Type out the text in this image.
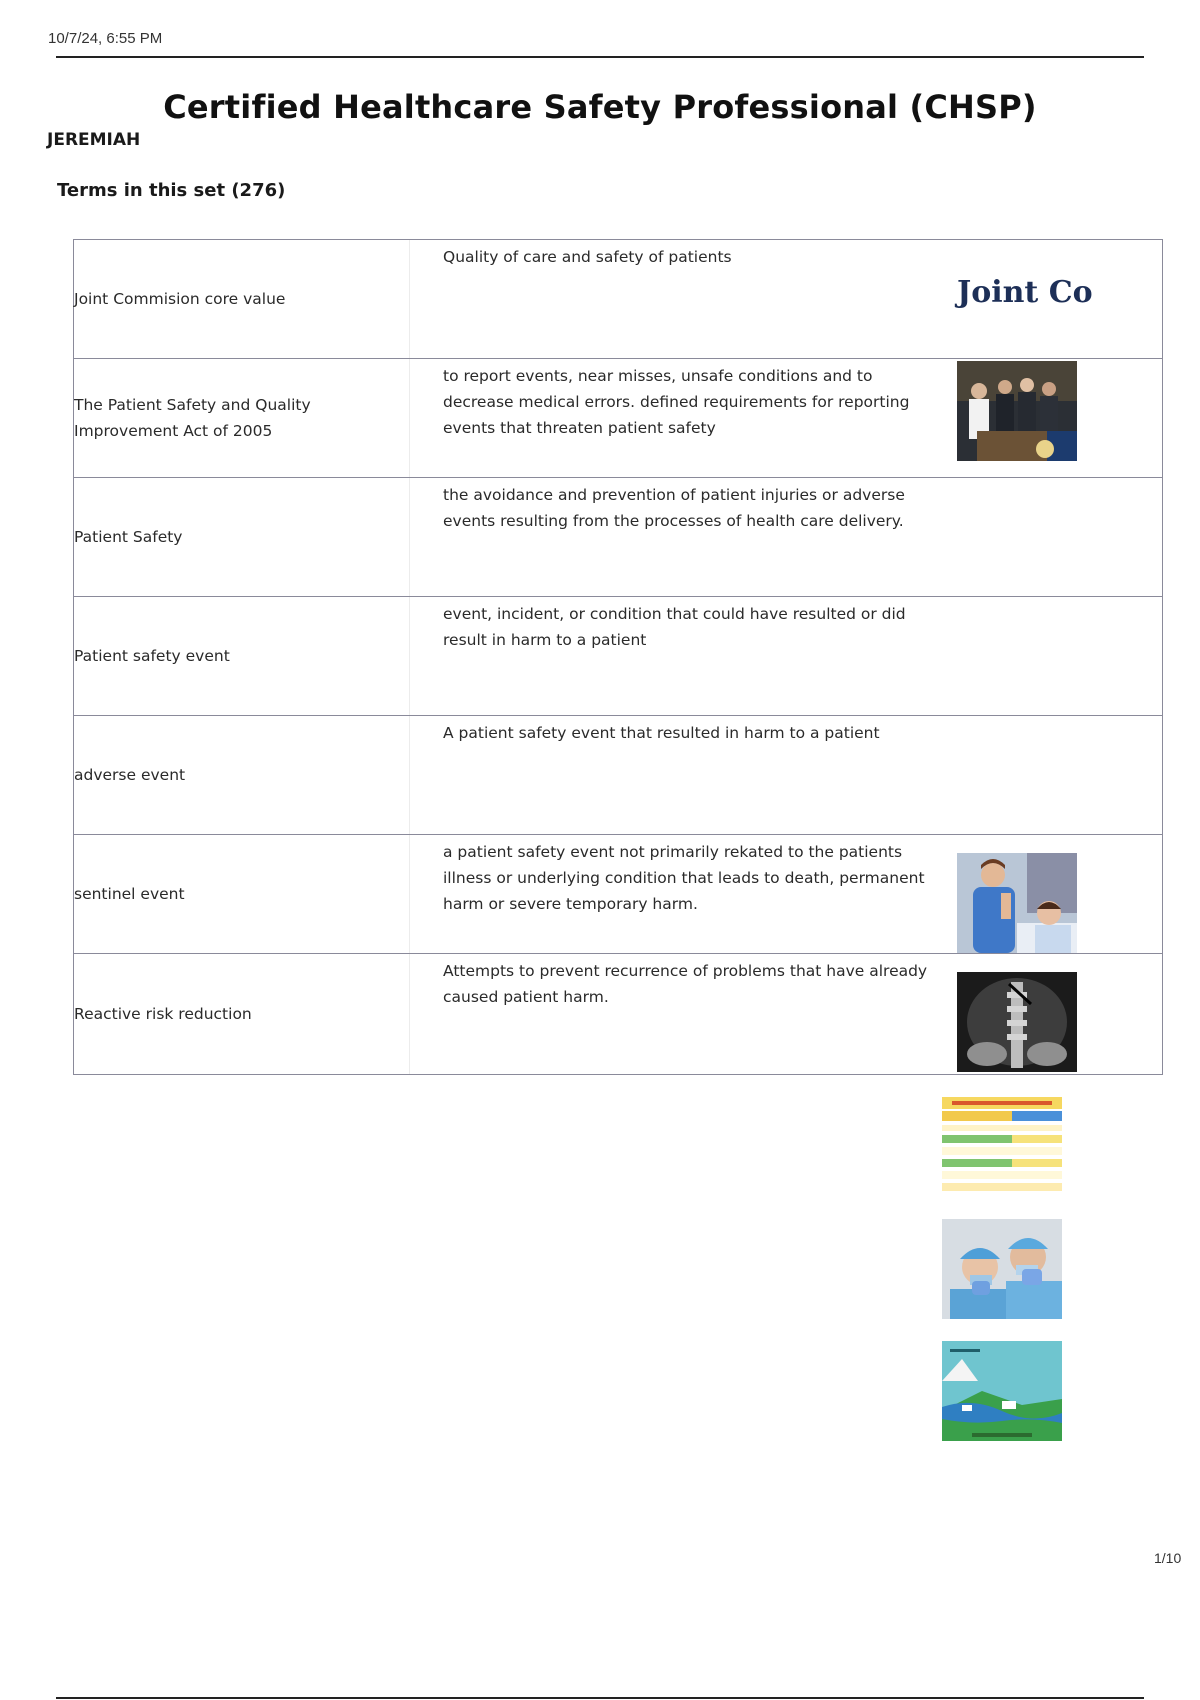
10/7/24, 6:55 PM
Certified Healthcare Safety Professional (CHSP)
JEREMIAH
Terms in this set (276)
Joint Commision core value
Quality of care and safety of patients
Joint Co
The Patient Safety and Quality Improvement Act of 2005
to report events, near misses, unsafe conditions and to decrease medical errors. defined requirements for reporting events that threaten patient safety
Patient Safety
the avoidance and prevention of patient injuries or adverse events resulting from the processes of health care delivery.
Patient safety event
event, incident, or condition that could have resulted or did result in harm to a patient
adverse event
A patient safety event that resulted in harm to a patient
sentinel event
a patient safety event not primarily rekated to the patients illness or underlying condition that leads to death, permanent harm or severe temporary harm.
Reactive risk reduction
Attempts to prevent recurrence of problems that have already caused patient harm.
1/10
